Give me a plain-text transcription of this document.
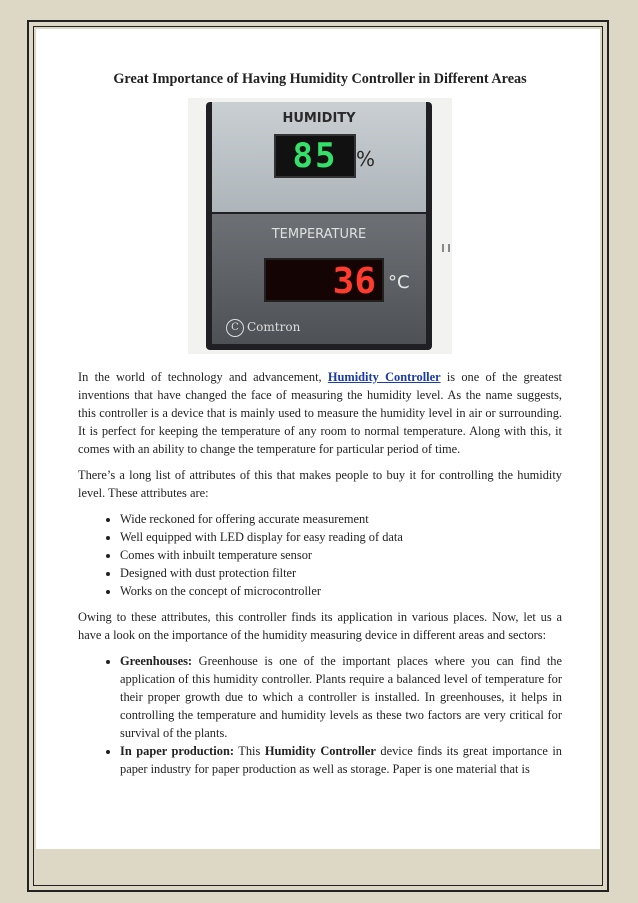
Great Importance of Having Humidity Controller in Different Areas
HUMIDITY
85 %
TEMPERATURE
36 °C
C Comtron

In the world of technology and advancement, Humidity Controller is one of the greatest inventions that have changed the face of measuring the humidity level. As the name suggests, this controller is a device that is mainly used to measure the humidity level in air or surrounding. It is perfect for keeping the temperature of any room to normal temperature. Along with this, it comes with an ability to change the temperature for particular period of time.

There’s a long list of attributes of this that makes people to buy it for controlling the humidity level. These attributes are:

• Wide reckoned for offering accurate measurement
• Well equipped with LED display for easy reading of data
• Comes with inbuilt temperature sensor
• Designed with dust protection filter
• Works on the concept of microcontroller

Owing to these attributes, this controller finds its application in various places. Now, let us a have a look on the importance of the humidity measuring device in different areas and sectors:

• Greenhouses: Greenhouse is one of the important places where you can find the application of this humidity controller. Plants require a balanced level of temperature for their proper growth due to which a controller is installed. In greenhouses, it helps in controlling the temperature and humidity levels as these two factors are very critical for survival of the plants.
• In paper production: This Humidity Controller device finds its great importance in paper industry for paper production as well as storage. Paper is one material that is
